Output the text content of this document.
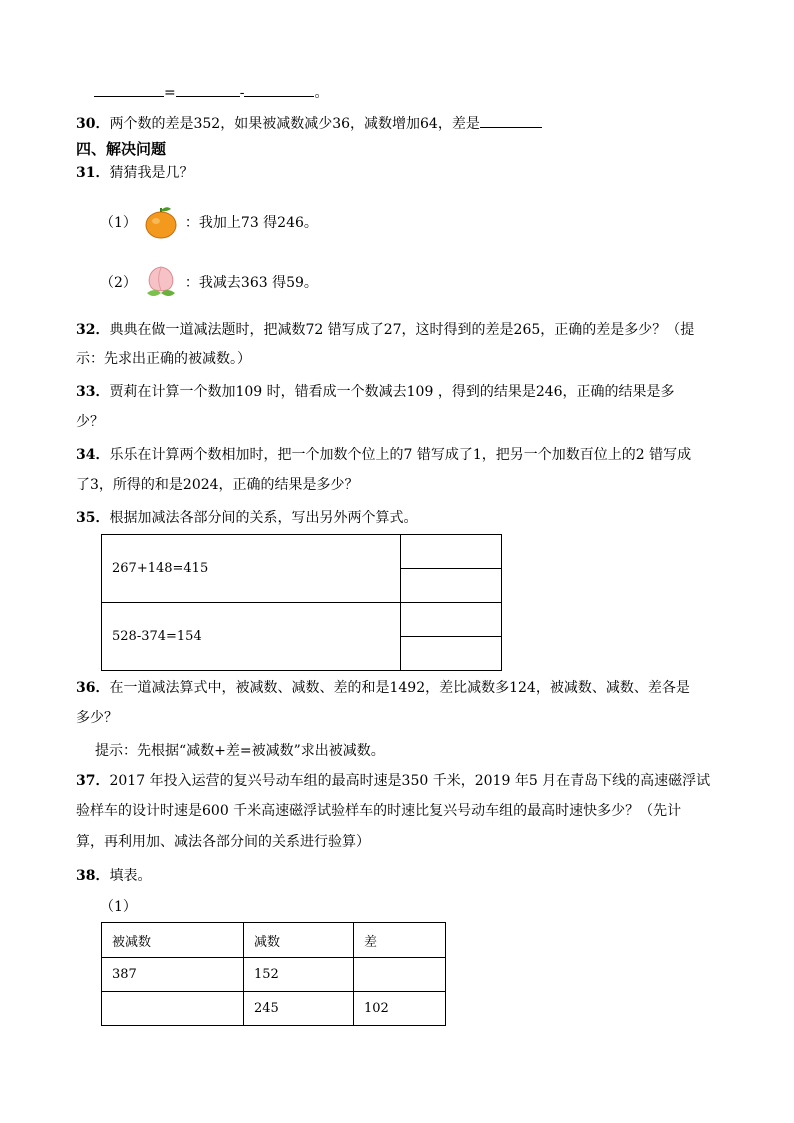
=	-	。
30．两个数的差是352，如果被减数减少36，减数增加64，差是
四、解决问题
31．猜猜我是几？
（1）	：我加上73 得246。
（2）	：我减去363 得59。
32．典典在做一道减法题时，把减数72 错写成了27，这时得到的差是265，正确的差是多少？（提
示：先求出正确的被减数。）
33．贾莉在计算一个数加109 时，错看成一个数减去109 ，得到的结果是246，正确的结果是多
少？
34．乐乐在计算两个数相加时，把一个加数个位上的7 错写成了1，把另一个加数百位上的2 错写成
了3，所得的和是2024，正确的结果是多少？
35．根据加减法各部分间的关系，写出另外两个算式。
267+148=415	

528-374=154	

36．在一道减法算式中，被减数、减数、差的和是1492，差比减数多124，被减数、减数、差各是
多少？
提示：先根据“减数+差=被减数”求出被减数。
37．2017 年投入运营的复兴号动车组的最高时速是350 千米，2019 年5 月在青岛下线的高速磁浮试
验样车的设计时速是600 千米高速磁浮试验样车的时速比复兴号动车组的最高时速快多少？（先计
算，再利用加、减法各部分间的关系进行验算）
38．填表。
（1）
被减数	减数	差
387	152	
	245	102
